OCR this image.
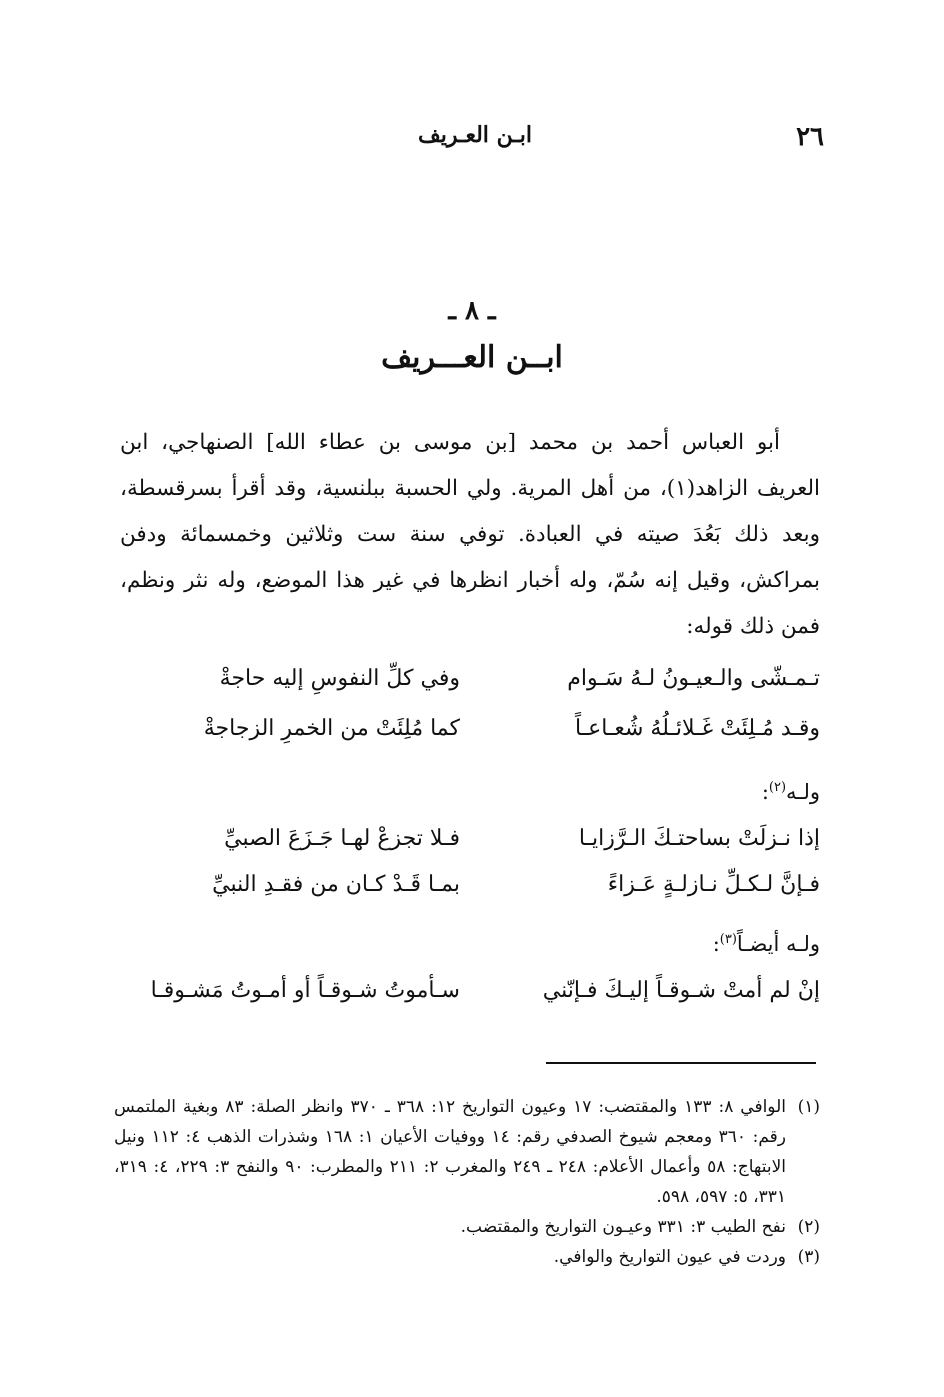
٢٦
ابـن العـريف
ـ ٨ ـ
ابــن العـــريف

أبو العباس أحمد بن محمد [بن موسى بن عطاء الله] الصنهاجي، ابن العريف الزاهد(١)، من أهل المرية. ولي الحسبة ببلنسية، وقد أقرأ بسرقسطة، وبعد ذلك بَعُدَ صيته في العبادة. توفي سنة ست وثلاثين وخمسمائة ودفن بمراكش، وقيل إنه سُمّ، وله أخبار انظرها في غير هذا الموضع، وله نثر ونظم، فمن ذلك قوله:

تـمـشّى والـعيـونُ لـهُ سَـوام
وفي كلِّ النفوسِ إليه حاجةْ
وقـد مُـلِئَتْ غَـلائـلُهُ شُعـاعـاً
كما مُلِئَتْ من الخمرِ الزجاجةْ
ولـه$^{(٢)}$:
إذا نـزلَتْ بساحتـكَ الـرَّزايـا
فـلا تجزعْ لهـا جَـزَعَ الصبيِّ
فـإنَّ لـكـلِّ نـازلـةٍ عَـزاءً
بمـا قَـدْ كـان من فقـدِ النبيِّ
ولـه أيضـاً$^{(٣)}$:
إنْ لم أمتْ شـوقـاً إليـكَ فـإنّني
سـأموتُ شـوقـاً أو أمـوتُ مَشـوقـا
(١)
الوافي ٨: ١٣٣ والمقتضب: ١٧ وعيون التواريخ ١٢: ٣٦٨ ـ ٣٧٠ وانظر الصلة: ٨٣ وبغية الملتمس رقم: ٣٦٠ ومعجم شيوخ الصدفي رقم: ١٤ ووفيات الأعيان ١: ١٦٨ وشذرات الذهب ٤: ١١٢ ونيل الابتهاج: ٥٨ وأعمال الأعلام: ٢٤٨ ـ ٢٤٩ والمغرب ٢: ٢١١ والمطرب: ٩٠ والنفح ٣: ٢٢٩، ٤: ٣١٩، ٣٣١، ٥: ٥٩٧، ٥٩٨.
(٢)
نفح الطيب ٣: ٣٣١ وعيـون التواريخ والمقتضب.
(٣)
وردت في عيون التواريخ والوافي.
